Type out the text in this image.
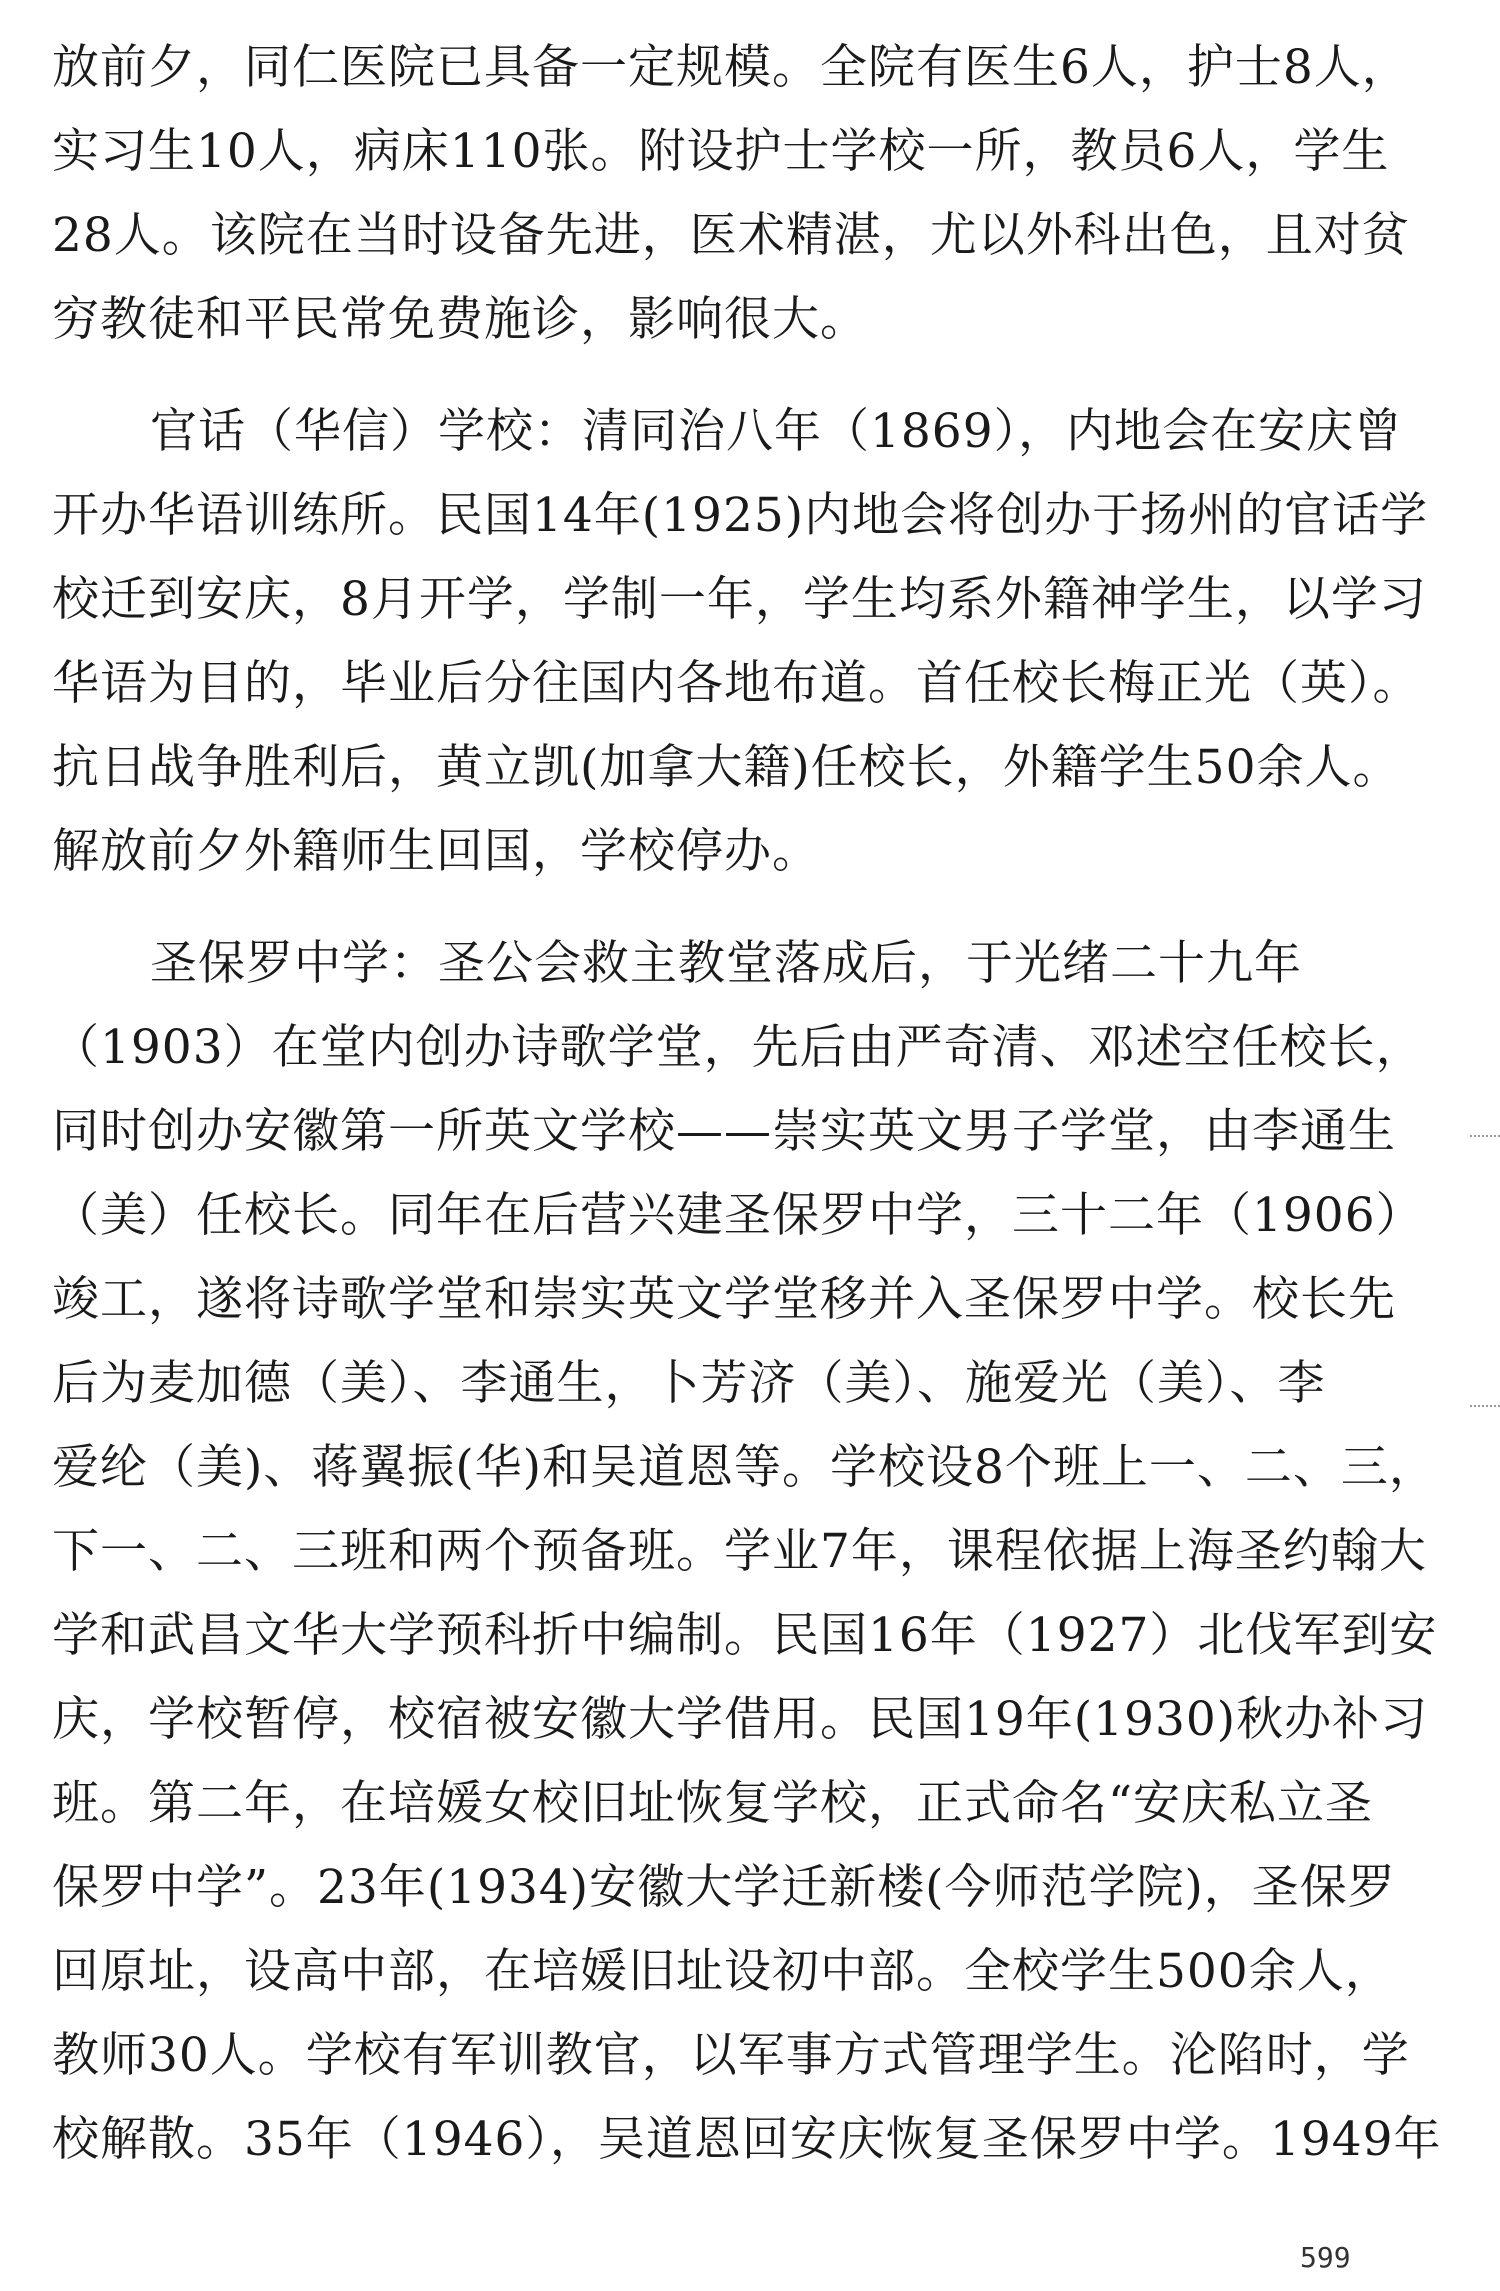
放前夕，同仁医院已具备一定规模。全院有医生6人，护士8人，
实习生10人，病床110张。附设护士学校一所，教员6人，学生
28人。该院在当时设备先进，医术精湛，尤以外科出色，且对贫
穷教徒和平民常免费施诊，影响很大。
官话（华信）学校：清同治八年（1869），内地会在安庆曾
开办华语训练所。民国14年(1925)内地会将创办于扬州的官话学
校迁到安庆，8月开学，学制一年，学生均系外籍神学生，以学习
华语为目的，毕业后分往国内各地布道。首任校长梅正光（英）。
抗日战争胜利后，黄立凯(加拿大籍)任校长，外籍学生50余人。
解放前夕外籍师生回国，学校停办。
圣保罗中学：圣公会救主教堂落成后，于光绪二十九年
（1903）在堂内创办诗歌学堂，先后由严奇清、邓述空任校长，
同时创办安徽第一所英文学校——崇实英文男子学堂，由李通生
（美）任校长。同年在后营兴建圣保罗中学，三十二年（1906）
竣工，遂将诗歌学堂和崇实英文学堂移并入圣保罗中学。校长先
后为麦加德（美）、李通生，卜芳济（美）、施爱光（美）、李
爱纶（美)、蒋翼振(华)和吴道恩等。学校设8个班上一、二、三，
下一、二、三班和两个预备班。学业7年，课程依据上海圣约翰大
学和武昌文华大学预科折中编制。民国16年（1927）北伐军到安
庆，学校暂停，校宿被安徽大学借用。民国19年(1930)秋办补习
班。第二年，在培媛女校旧址恢复学校，正式命名“安庆私立圣
保罗中学”。23年(1934)安徽大学迁新楼(今师范学院)，圣保罗
回原址，设高中部，在培媛旧址设初中部。全校学生500余人，
教师30人。学校有军训教官，以军事方式管理学生。沦陷时，学
校解散。35年（1946），吴道恩回安庆恢复圣保罗中学。1949年
599
